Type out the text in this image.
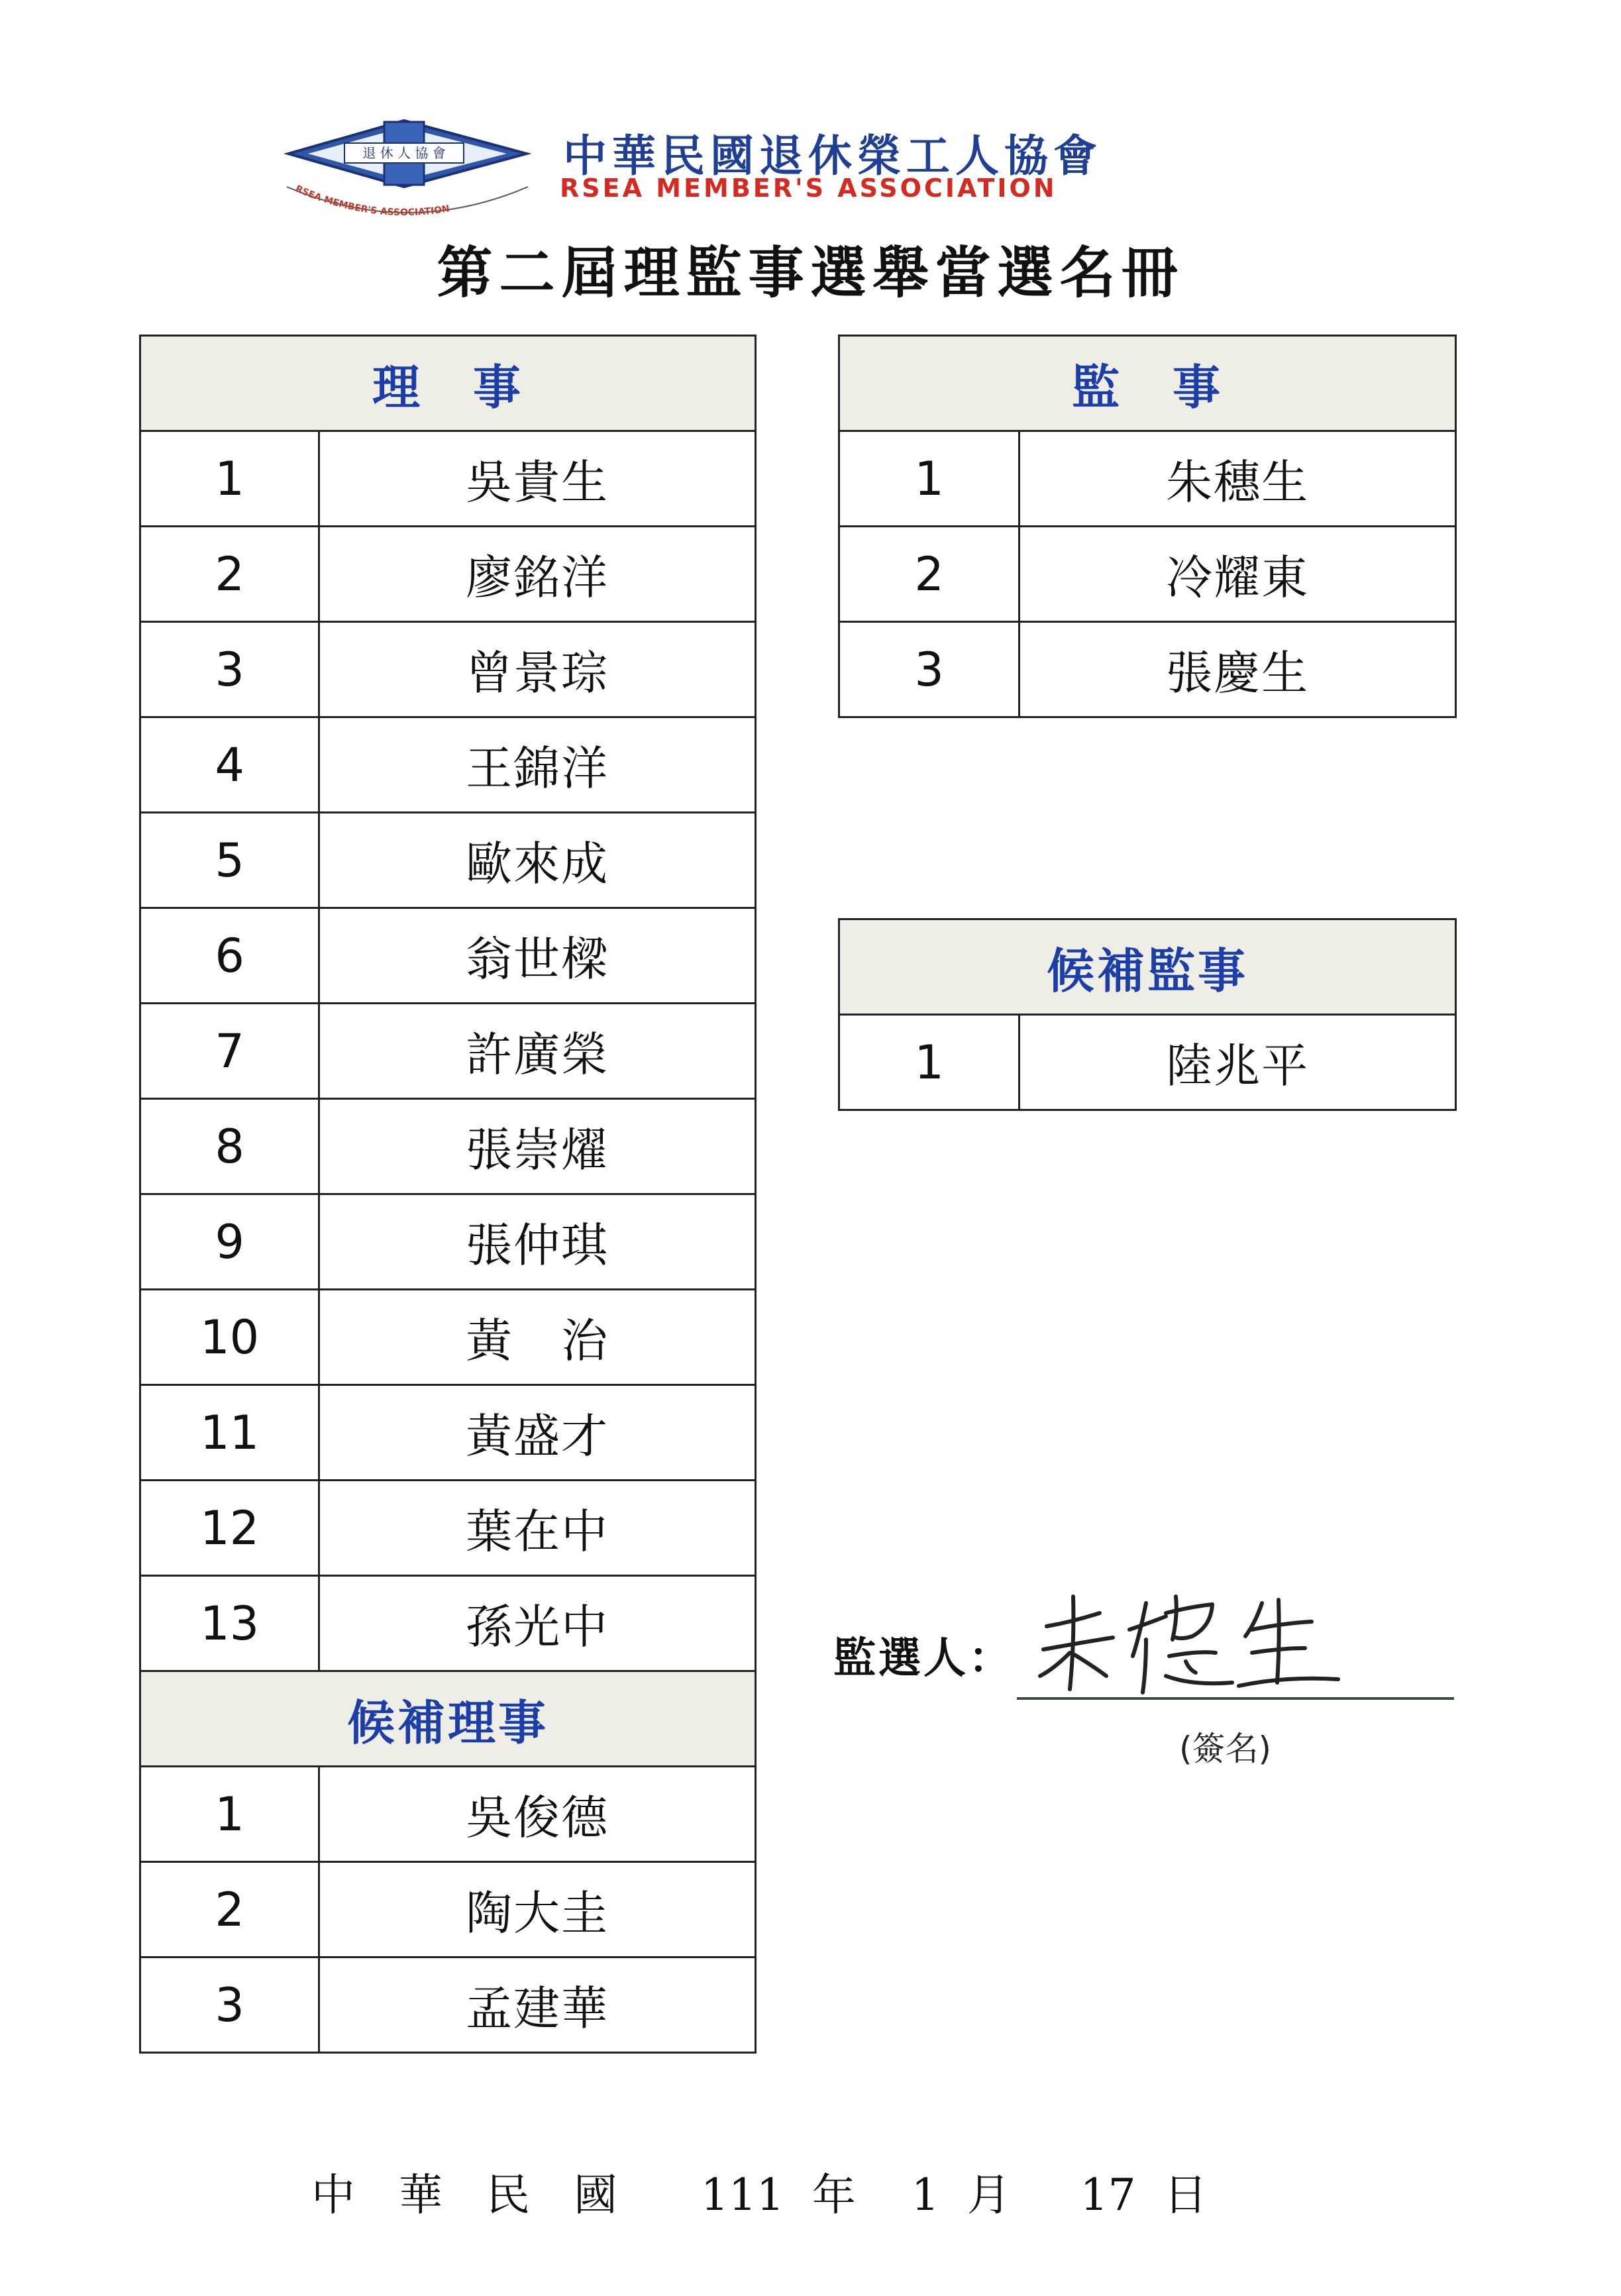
退 休 人 協 會
RSEA MEMBER'S ASSOCIATION
中華民國退休榮工人協會
RSEA MEMBER'S ASSOCIATION
第二屆理監事選舉當選名冊
理　事	
1	吳貴生
2	廖銘洋
3	曾景琮
4	王錦洋
5	歐來成
6	翁世樑
7	許廣榮
8	張崇燿
9	張仲琪
10	黃　治
11	黃盛才
12	葉在中
13	孫光中
候補理事	
1	吳俊德
2	陶大圭
3	孟建華
監　事	
1	朱穗生
2	冷耀東
3	張慶生
候補監事
1	陸兆平
監選人：
(簽名)
中　華　民　國 111 年 1 月 17 日
